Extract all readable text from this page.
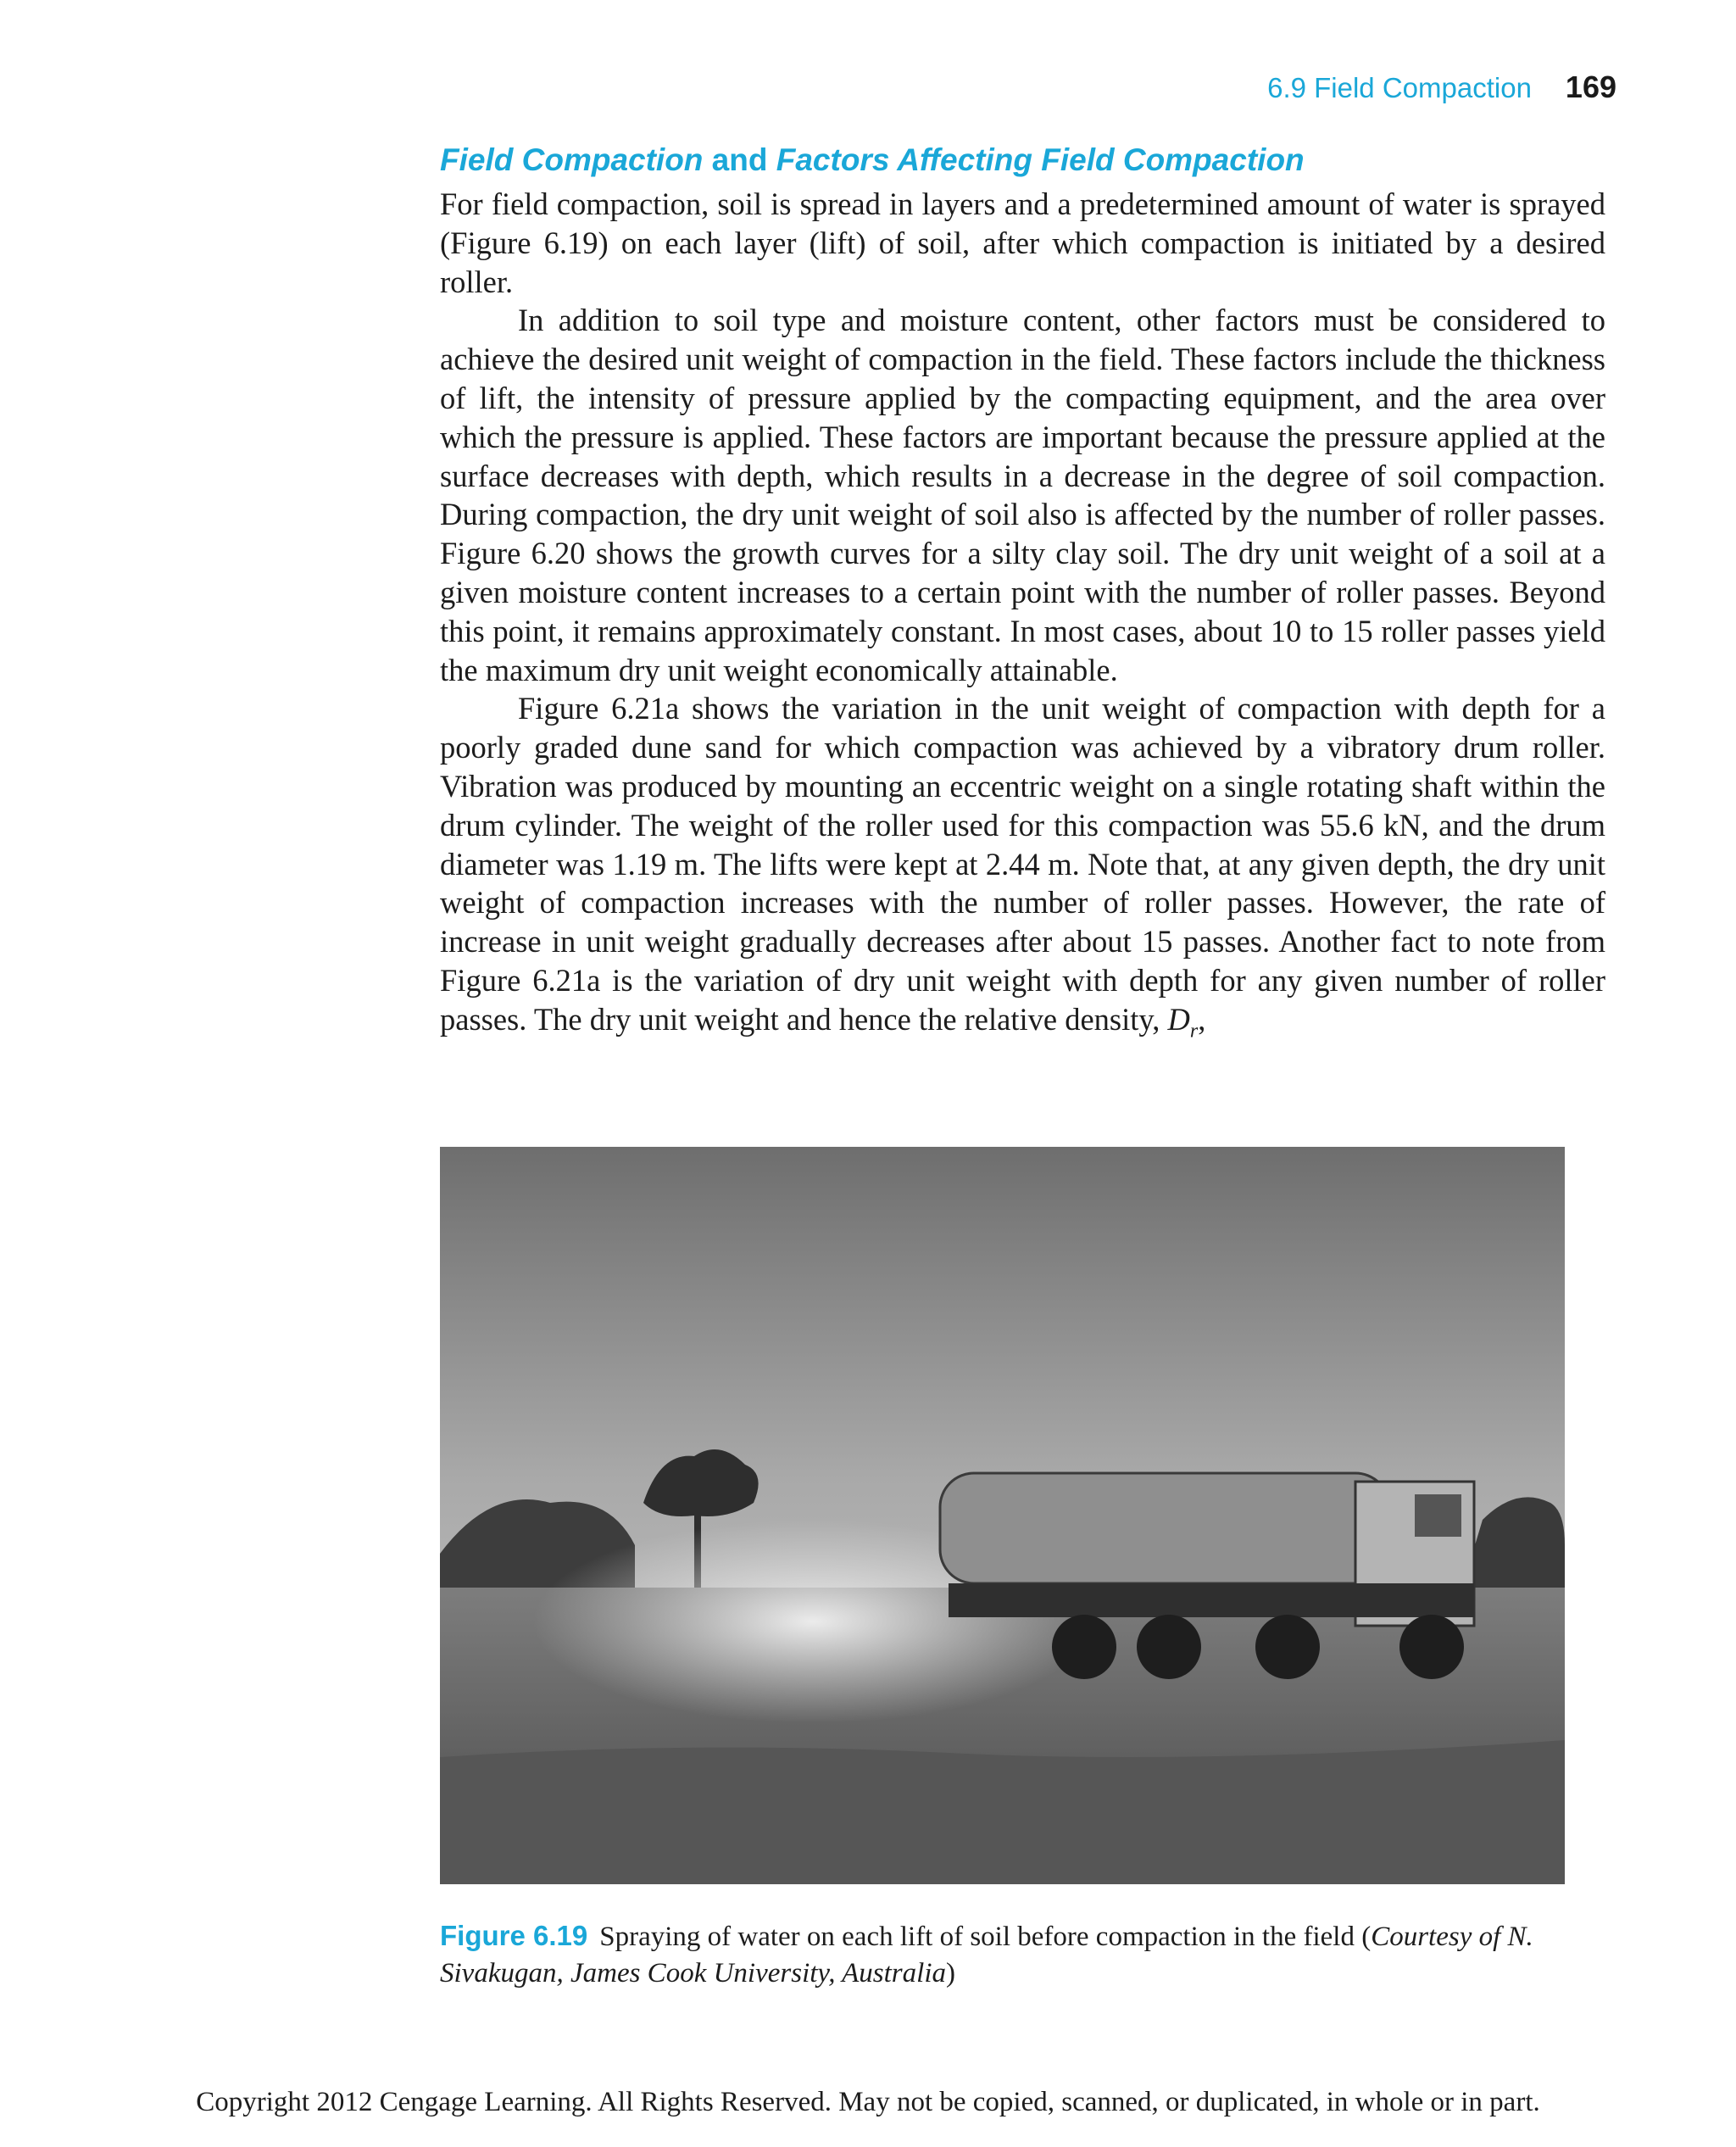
6.9 Field Compaction 169
Field Compaction and Factors Affecting Field Compaction

For field compaction, soil is spread in layers and a predetermined amount of water is sprayed (Figure 6.19) on each layer (lift) of soil, after which compaction is initiated by a desired roller.

In addition to soil type and moisture content, other factors must be considered to achieve the desired unit weight of compaction in the field. These factors include the thickness of lift, the intensity of pressure applied by the compacting equipment, and the area over which the pressure is applied. These factors are important because the pressure applied at the surface decreases with depth, which results in a decrease in the degree of soil compaction. During compaction, the dry unit weight of soil also is affected by the number of roller passes. Figure 6.20 shows the growth curves for a silty clay soil. The dry unit weight of a soil at a given moisture content increases to a certain point with the number of roller passes. Beyond this point, it remains approximately constant. In most cases, about 10 to 15 roller passes yield the maximum dry unit weight economically attainable.

Figure 6.21a shows the variation in the unit weight of compaction with depth for a poorly graded dune sand for which compaction was achieved by a vibratory drum roller. Vibration was produced by mounting an eccentric weight on a single rotating shaft within the drum cylinder. The weight of the roller used for this compaction was 55.6 kN, and the drum diameter was 1.19 m. The lifts were kept at 2.44 m. Note that, at any given depth, the dry unit weight of compaction increases with the number of roller passes. However, the rate of increase in unit weight gradually decreases after about 15 passes. Another fact to note from Figure 6.21a is the variation of dry unit weight with depth for any given number of roller passes. The dry unit weight and hence the relative density, $D_r$,

Figure 6.19 Spraying of water on each lift of soil before compaction in the field (Courtesy of N. Sivakugan, James Cook University, Australia)
Copyright 2012 Cengage Learning. All Rights Reserved. May not be copied, scanned, or duplicated, in whole or in part.
